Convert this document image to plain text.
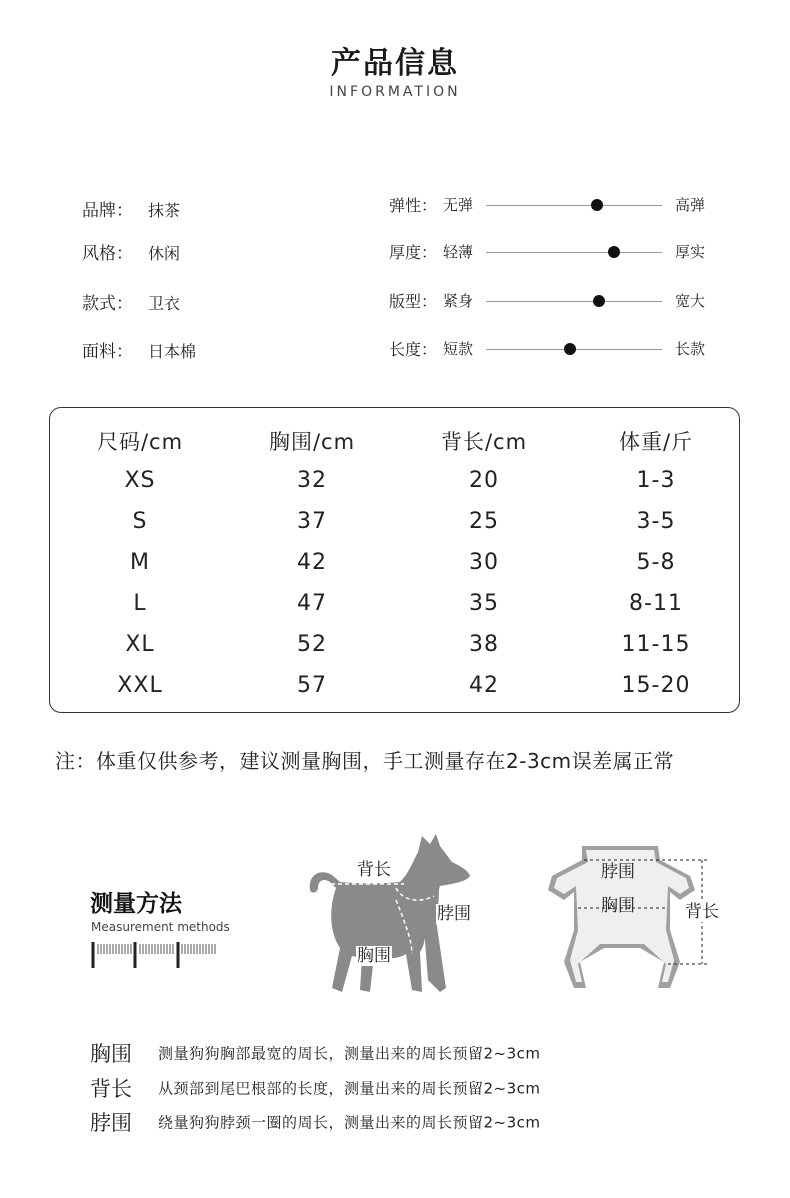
产品信息
INFORMATION
品牌： 抹茶
风格： 休闲
款式： 卫衣
面料： 日本棉
弹性： 无弹	高弹
厚度： 轻薄	厚实
版型： 紧身	宽大
长度： 短款	长款
尺码/cm	胸围/cm	背长/cm	体重/斤
XS	32	20	1-3
S	37	25	3-5
M	42	30	5-8
L	47	35	8-11
XL	52	38	11-15
XXL	57	42	15-20
注：体重仅供参考，建议测量胸围，手工测量存在2-3cm误差属正常
测量方法
Measurement methods
背长
脖围
胸围
脖围
胸围	背长
胸围 测量狗狗胸部最宽的周长，测量出来的周长预留2~3cm
背长 从颈部到尾巴根部的长度，测量出来的周长预留2~3cm
脖围 绕量狗狗脖颈一圈的周长，测量出来的周长预留2~3cm
